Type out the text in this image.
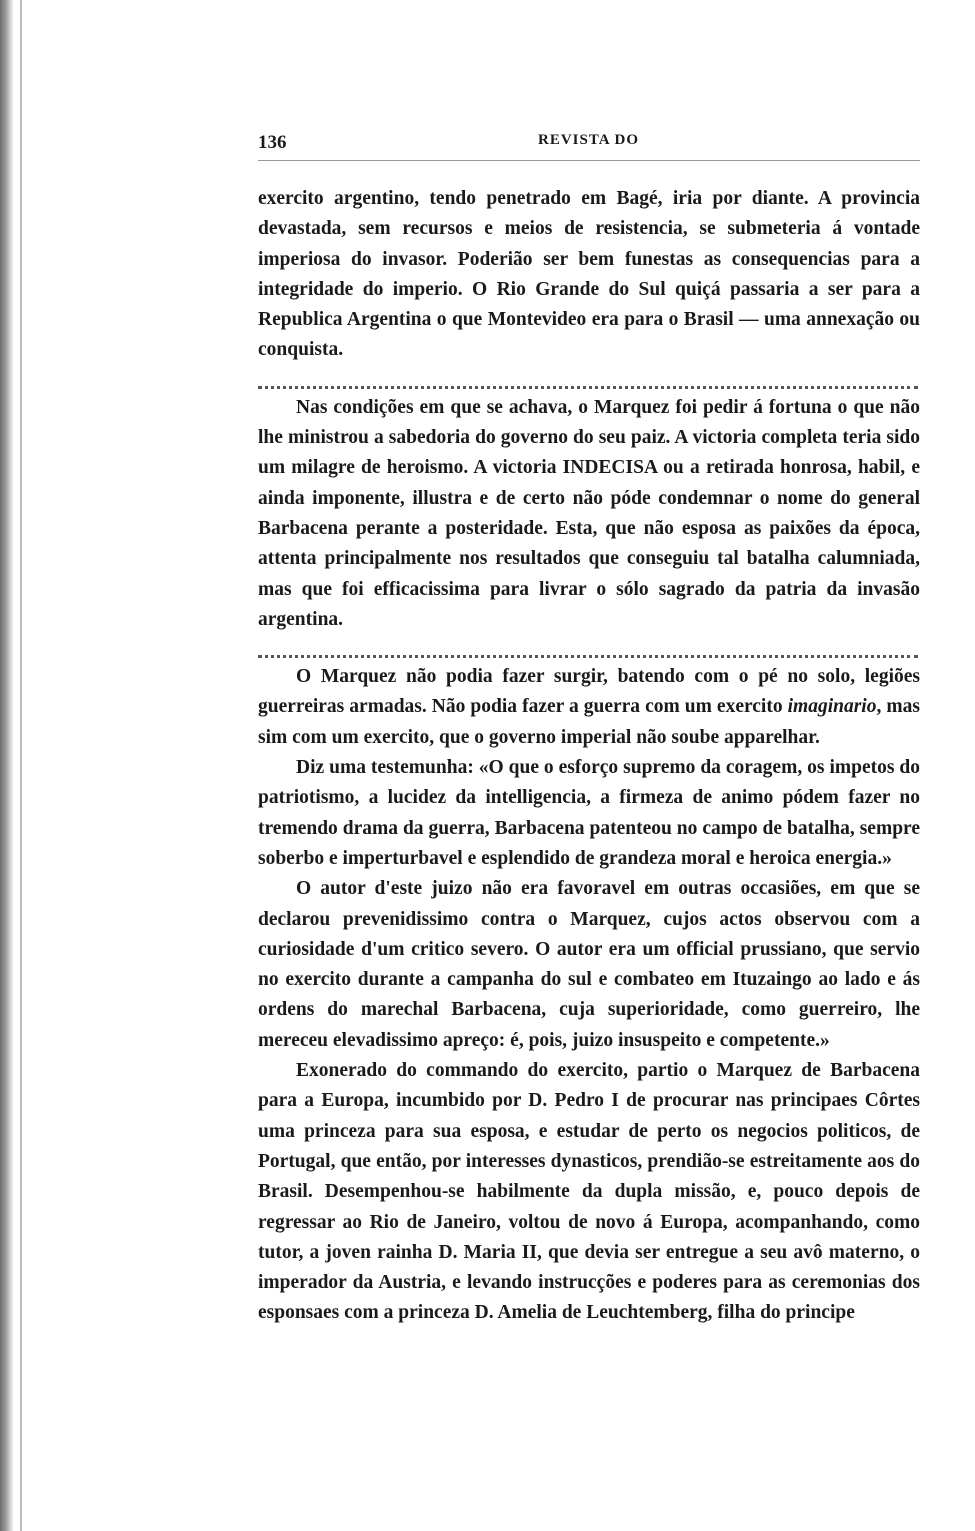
136	REVISTA DO

exercito argentino, tendo penetrado em Bagé, iria por diante. A provincia devastada, sem recursos e meios de resistencia, se submeteria á vontade imperiosa do invasor. Poderião ser bem funestas as consequencias para a integridade do imperio. O Rio Grande do Sul quiçá passaria a ser para a Republica Argentina o que Montevideo era para o Brasil — uma annexação ou conquista.

Nas condições em que se achava, o Marquez foi pedir á fortuna o que não lhe ministrou a sabedoria do governo do seu paiz. A victoria completa teria sido um milagre de heroismo. A victoria INDECISA ou a retirada honrosa, habil, e ainda imponente, illustra e de certo não póde condemnar o nome do general Barbacena perante a posteridade. Esta, que não esposa as paixões da época, attenta principalmente nos resultados que conseguiu tal batalha calumniada, mas que foi efficacissima para livrar o sólo sagrado da patria da invasão argentina.

O Marquez não podia fazer surgir, batendo com o pé no solo, legiões guerreiras armadas. Não podia fazer a guerra com um exercito imaginario, mas sim com um exercito, que o governo imperial não soube apparelhar.

Diz uma testemunha: «O que o esforço supremo da coragem, os impetos do patriotismo, a lucidez da intelligencia, a firmeza de animo pódem fazer no tremendo drama da guerra, Barbacena patenteou no campo de batalha, sempre soberbo e imperturbavel e esplendido de grandeza moral e heroica energia.»

O autor d'este juizo não era favoravel em outras occasiões, em que se declarou prevenidissimo contra o Marquez, cujos actos observou com a curiosidade d'um critico severo. O autor era um official prussiano, que servio no exercito durante a campanha do sul e combateo em Ituzaingo ao lado e ás ordens do marechal Barbacena, cuja superioridade, como guerreiro, lhe mereceu elevadissimo apreço: é, pois, juizo insuspeito e competente.»

Exonerado do commando do exercito, partio o Marquez de Barbacena para a Europa, incumbido por D. Pedro I de procurar nas principaes Côrtes uma princeza para sua esposa, e estudar de perto os negocios politicos, de Portugal, que então, por interesses dynasticos, prendião-se estreitamente aos do Brasil. Desempenhou-se habilmente da dupla missão, e, pouco depois de regressar ao Rio de Janeiro, voltou de novo á Europa, acompanhando, como tutor, a joven rainha D. Maria II, que devia ser entregue a seu avô materno, o imperador da Austria, e levando instrucções e poderes para as ceremonias dos esponsaes com a princeza D. Amelia de Leuchtemberg, filha do principe
